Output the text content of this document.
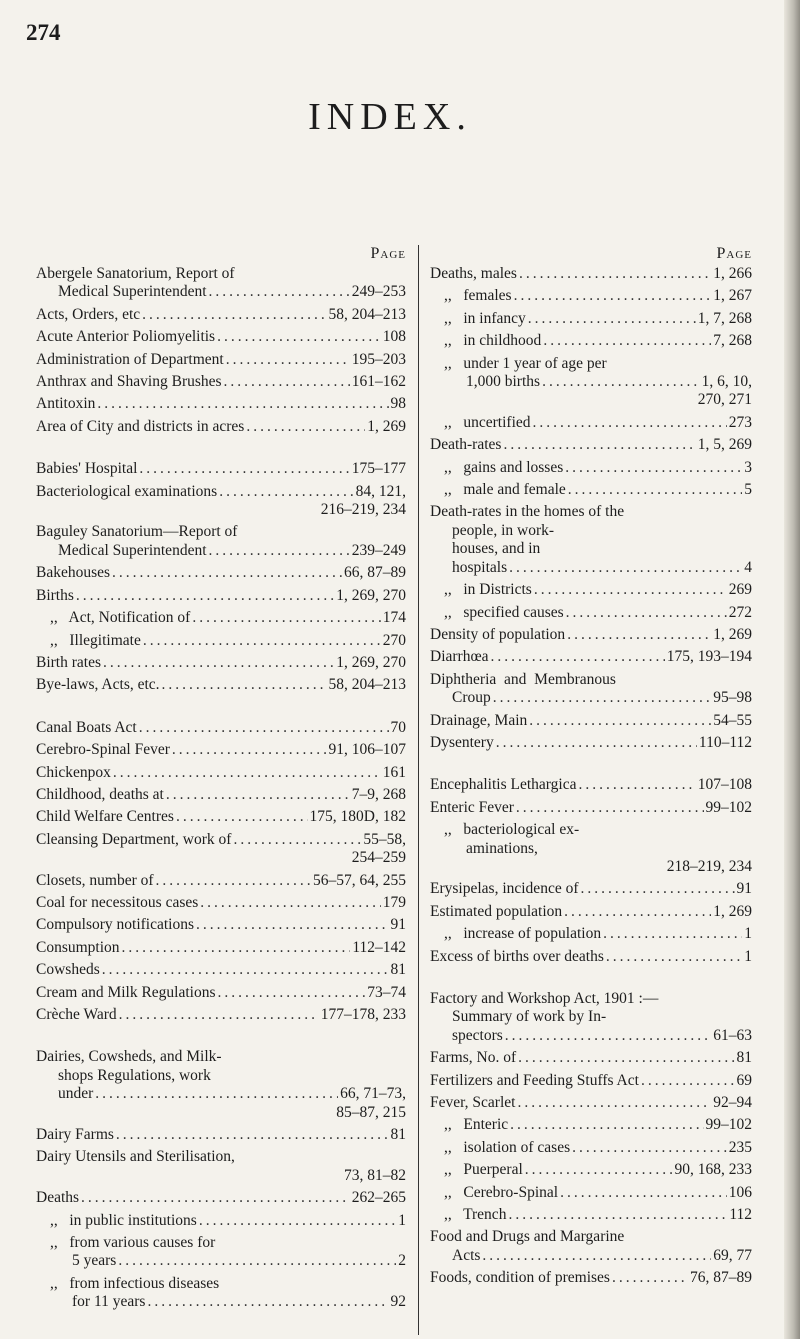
274
INDEX.
Page
Abergele Sanatorium, Report of
Medical Superintendent .....	249–253
Acts, Orders, etc .....	58, 204–213
Acute Anterior Poliomyelitis .....	108
Administration of Department .....	195–203
Anthrax and Shaving Brushes .....	161–162
Antitoxin .....	98
Area of City and districts in acres .....	1, 269
Babies' Hospital .....	175–177
Bacteriological examinations .....	84, 121,
216–219, 234
Baguley Sanatorium—Report of
Medical Superintendent .....	239–249
Bakehouses .....	66, 87–89
Births .....	1, 269, 270
,,   Act, Notification of .....	174
,,   Illegitimate .....	270
Birth rates .....	1, 269, 270
Bye-laws, Acts, etc. .....	58, 204–213
Canal Boats Act .....	70
Cerebro-Spinal Fever .....	91, 106–107
Chickenpox .....	161
Childhood, deaths at .....	7–9, 268
Child Welfare Centres .....	175, 180D, 182
Cleansing Department, work of .....	55–58,
254–259
Closets, number of .....	56–57, 64, 255
Coal for necessitous cases .....	179
Compulsory notifications .....	91
Consumption .....	112–142
Cowsheds .....	81
Cream and Milk Regulations .....	73–74
Crèche Ward .....	177–178, 233
Dairies, Cowsheds, and Milk-
shops Regulations, work
under .....	66, 71–73,
85–87, 215
Dairy Farms .....	81
Dairy Utensils and Sterilisation,
73, 81–82
Deaths .....	262–265
,,   in public institutions .....	1
,,   from various causes for
5 years .....	2
,,   from infectious diseases
for 11 years .....	92
Page
Deaths, males .....	1, 266
,,   females .....	1, 267
,,   in infancy .....	1, 7, 268
,,   in childhood .....	7, 268
,,   under 1 year of age per
1,000 births .....	1, 6, 10,
270, 271
,,   uncertified .....	273
Death-rates .....	1, 5, 269
,,   gains and losses .....	3
,,   male and female .....	5
Death-rates in the homes of the
people, in work-
houses, and in
hospitals .....	4
,,   in Districts .....	269
,,   specified causes .....	272
Density of population .....	1, 269
Diarrhœa .....	175, 193–194
Diphtheria  and  Membranous
Croup .....	95–98
Drainage, Main .....	54–55
Dysentery .....	110–112
Encephalitis Lethargica .....	107–108
Enteric Fever .....	99–102
,,   bacteriological ex-
aminations,
218–219, 234
Erysipelas, incidence of .....	91
Estimated population .....	1, 269
,,   increase of population .....	1
Excess of births over deaths .....	1
Factory and Workshop Act, 1901 :—
Summary of work by In-
spectors .....	61–63
Farms, No. of .....	81
Fertilizers and Feeding Stuffs Act .....	69
Fever, Scarlet .....	92–94
,,   Enteric .....	99–102
,,   isolation of cases .....	235
,,   Puerperal .....	90, 168, 233
,,   Cerebro-Spinal .....	106
,,   Trench .....	112
Food and Drugs and Margarine
Acts .....	69, 77
Foods, condition of premises .....	76, 87–89
